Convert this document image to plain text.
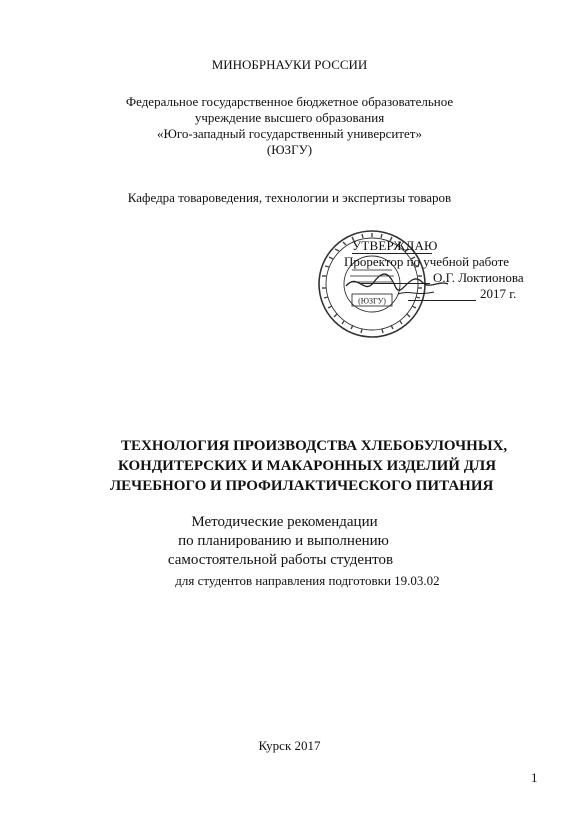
МИНОБРНАУКИ РОССИИ
Федеральное государственное бюджетное образовательное
учреждение высшего образования
«Юго-западный государственный университет»
(ЮЗГУ)
Кафедра товароведения, технологии и экспертизы товаров
(ЮЗГУ)
УТВЕРЖДАЮ
Проректор по учебной работе
О.Г. Локтионова
2017 г.
ТЕХНОЛОГИЯ ПРОИЗВОДСТВА ХЛЕБОБУЛОЧНЫХ,
КОНДИТЕРСКИХ И МАКАРОННЫХ ИЗДЕЛИЙ ДЛЯ
ЛЕЧЕБНОГО И ПРОФИЛАКТИЧЕСКОГО ПИТАНИЯ
Методические рекомендации
по планированию и выполнению
самостоятельной работы студентов
для студентов направления подготовки 19.03.02
Курск 2017
1
